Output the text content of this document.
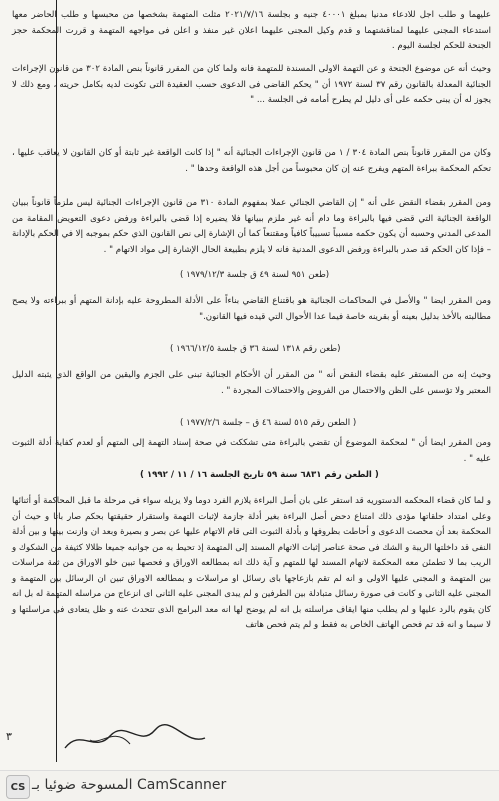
عليهما و طلب اجل للادعاء مدنيا بمبلغ ٤٠٠٠١ جنيه و بجلسة ٢٠٢١/٧/١٦ مثلت المتهمة بشخصها من محبسها و طلب الحاضر معها استدعاء المجنى عليهما لمناقشتهما و قدم وكيل المجنى عليهما اعلان غير منفذ و اعلن فى مواجهه المتهمة و قررت المحكمة حجز الجنحة للحكم لجلسة اليوم .
وحيث أنه عن موضوع الجنحة و عن التهمة الاولى المسندة للمتهمة فانه ولما كان من المقرر قانوناً بنص المادة ٣٠٢ من قانون الإجراءات الجنائية المعدلة بالقانون رقم ٣٧ لسنة ١٩٧٢ أن " يحكم القاضى فى الدعوى حسب العقيدة التى تكونت لديه بكامل حريته ، ومع ذلك لا يجوز له أن يبنى حكمه على أى دليل لم يطرح أمامه فى الجلسة ... "
وكان من المقرر قانوناً بنص المادة ٣٠٤ / ١ من قانون الإجراءات الجنائية أنه " إذا كانت الواقعة غير ثابتة أو كان القانون لا يعاقب عليها ، تحكم المحكمة ببراءة المتهم ويفرج عنه إن كان محبوساً من أجل هذه الواقعة وحدها " .
ومن المقرر بقضاء النقض على أنه " إن القاضي الجنائي عملا بمفهوم المادة ٣١٠ من قانون الإجراءات الجنائية ليس ملزماً قانوناً ببيان الواقعة الجنائية التي قضى فيها بالبراءة وما دام أنه غير ملزم ببيانها فلا يضيره إذا قضى بالبراءة ورفض دعوى التعويض المقامة من المدعى المدني وحسبه أن يكون حكمه مسبباً تسبيباً كافياً ومقتنعاً كما أن الإشارة إلى نص القانون الذي حكم بموجبه إلا في الحكم بالإدانة – فإذا كان الحكم قد صدر بالبراءة ورفض الدعوى المدنية فانه لا يلزم بطبيعة الحال الإشارة إلى مواد الاتهام " .
(طعن ٩٥١ لسنة ٤٩ ق جلسة ١٩٧٩/١٢/٣ )
ومن المقرر ايضا " والأصل في المحاكمات الجنائية هو باقتناع القاضي بناءاً على الأدلة المطروحة عليه بإدانة المتهم أو ببراءته ولا يصح مطالبته بالأخذ بدليل بعينه أو بقرينه خاصة فيما عدا الأحوال التي قيده فيها القانون."
(طعن رقم ١٣١٨ لسنة ٣٦ ق جلسة ١٩٦٦/١٢/٥ )
وحيث إنه من المستقر عليه بقضاء النقض أنه " من المقرر أن الأحكام الجنائية تبنى على الجزم واليقين من الواقع الذي يثبته الدليل المعتبر ولا تؤسس على الظن والاحتمال من الفروض والاحتمالات المجردة " .
( الطعن رقم ٥١٥ لسنة ٤٦ ق – جلسة ١٩٧٧/٢/٦ )
ومن المقرر ايضا أن " لمحكمة الموضوع أن تقضي بالبراءة متى تشككت في صحة إسناد التهمة إلى المتهم أو لعدم كفاية أدلة الثبوت عليه " .
( الطعن رقم ٦٨٣١ سنة ٥٩ تاريخ الجلسة ١٦ / ١١ / ١٩٩٢ )
و لما كان قضاء المحكمه الدستوريه قد استقر على بان أصل البراءة يلازم الفرد دوما ولا يزيله سواء فى مرحلة ما قبل المحاكمة أو أثنائها وعلى امتداد حلقاتها مؤدى ذلك امتناع دحض أصل البراءة بغير أدلة جازمة لإثبات التهمة واستقرار حقيقتها بحكم صار باتا و حيث أن المحكمة بعد أن محصت الدعوى و أحاطت بظروفها و بأدلة الثبوت التى قام الاتهام عليها عن بصر و بصيرة وبعد ان وازنت بينها و بين أدلة النفى قد داخلتها الريبة و الشك فى صحة عناصر إثبات الاتهام المسند إلى المتهمة إذ تحيط به من جوانبه جميعا ظلالا كثيفة من الشكوك و الريب بما لا تطمئن معه المحكمة لاتهام المسند لها للمتهم و آية ذلك انه بمطالعه الاوراق و فحصها تبين خلو الاوراق من ثمة مراسلات بين المتهمة و المجنى عليها الاولى و انه لم تقم بازعاجها باى رسائل او مراسلات و بمطالعه الاوراق تبين ان الرسائل بين المتهمة و المجنى عليه الثانى و كانت فى صورة رسائل متبادلة بين الطرفين و لم يبدى المجنى عليه الثانى اى انزعاج من مراسله المتهمة له بل انه كان يقوم بالرد عليها و لم يطلب منها ايقاف مراسلته بل انه لم يوضح لها انه معد البرامج الذى تتحدث عنه و ظل يتعادى فى مراسلتها و لا سيما و انه قد تم فحص الهاتف الخاص به فقط و لم يتم فحص هاتف
٣
CS المسوحة ضوئيا بـ CamScanner
